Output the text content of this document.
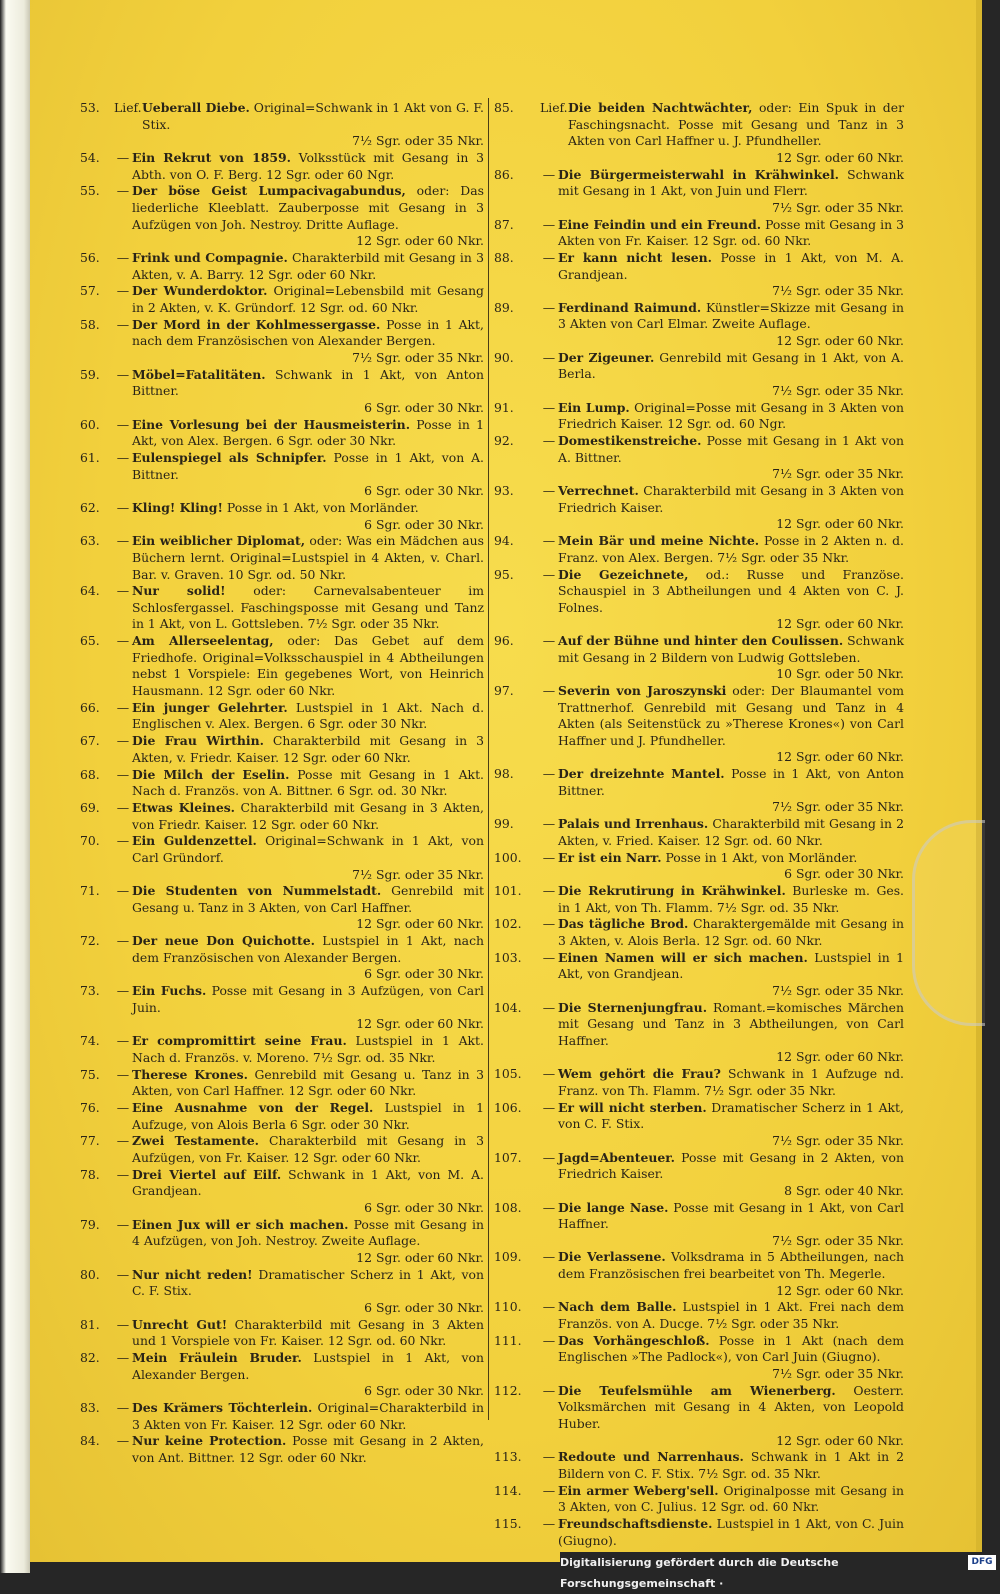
53.	Lief. Ueberall Diebe. Original=Schwank in 1 Akt von G. F. Stix.
7½ Sgr. oder 35 Nkr.
54.	— Ein Rekrut von 1859. Volksstück mit Gesang in 3 Abth. von O. F. Berg. 12 Sgr. oder 60 Ngr.
55.	— Der böse Geist Lumpacivagabundus, oder: Das liederliche Kleeblatt. Zauberposse mit Gesang in 3 Aufzügen von Joh. Nestroy. Dritte Auflage.
12 Sgr. oder 60 Nkr.
56.	— Frink und Compagnie. Charakterbild mit Gesang in 3 Akten, v. A. Barry. 12 Sgr. oder 60 Nkr.
57.	— Der Wunderdoktor. Original=Lebensbild mit Gesang in 2 Akten, v. K. Gründorf. 12 Sgr. od. 60 Nkr.
58.	— Der Mord in der Kohlmessergasse. Posse in 1 Akt, nach dem Französischen von Alexander Bergen.
7½ Sgr. oder 35 Nkr.
59.	— Möbel=Fatalitäten. Schwank in 1 Akt, von Anton Bittner.
6 Sgr. oder 30 Nkr.
60.	— Eine Vorlesung bei der Hausmeisterin. Posse in 1 Akt, von Alex. Bergen. 6 Sgr. oder 30 Nkr.
61.	— Eulenspiegel als Schnipfer. Posse in 1 Akt, von A. Bittner.
6 Sgr. oder 30 Nkr.
62.	— Kling! Kling! Posse in 1 Akt, von Morländer.
6 Sgr. oder 30 Nkr.
63.	— Ein weiblicher Diplomat, oder: Was ein Mädchen aus Büchern lernt. Original=Lustspiel in 4 Akten, v. Charl. Bar. v. Graven. 10 Sgr. od. 50 Nkr.
64.	— Nur solid! oder: Carnevalsabenteuer im Schlosfergassel. Faschingsposse mit Gesang und Tanz in 1 Akt, von L. Gottsleben. 7½ Sgr. oder 35 Nkr.
65.	— Am Allerseelentag, oder: Das Gebet auf dem Friedhofe. Original=Volksschauspiel in 4 Abtheilungen nebst 1 Vorspiele: Ein gegebenes Wort, von Heinrich Hausmann. 12 Sgr. oder 60 Nkr.
66.	— Ein junger Gelehrter. Lustspiel in 1 Akt. Nach d. Englischen v. Alex. Bergen. 6 Sgr. oder 30 Nkr.
67.	— Die Frau Wirthin. Charakterbild mit Gesang in 3 Akten, v. Friedr. Kaiser. 12 Sgr. oder 60 Nkr.
68.	— Die Milch der Eselin. Posse mit Gesang in 1 Akt. Nach d. Französ. von A. Bittner. 6 Sgr. od. 30 Nkr.
69.	— Etwas Kleines. Charakterbild mit Gesang in 3 Akten, von Friedr. Kaiser. 12 Sgr. oder 60 Nkr.
70.	— Ein Guldenzettel. Original=Schwank in 1 Akt, von Carl Gründorf.
7½ Sgr. oder 35 Nkr.
71.	— Die Studenten von Nummelstadt. Genrebild mit Gesang u. Tanz in 3 Akten, von Carl Haffner.
12 Sgr. oder 60 Nkr.
72.	— Der neue Don Quichotte. Lustspiel in 1 Akt, nach dem Französischen von Alexander Bergen.
6 Sgr. oder 30 Nkr.
73.	— Ein Fuchs. Posse mit Gesang in 3 Aufzügen, von Carl Juin.
12 Sgr. oder 60 Nkr.
74.	— Er compromittirt seine Frau. Lustspiel in 1 Akt. Nach d. Französ. v. Moreno. 7½ Sgr. od. 35 Nkr.
75.	— Therese Krones. Genrebild mit Gesang u. Tanz in 3 Akten, von Carl Haffner. 12 Sgr. oder 60 Nkr.
76.	— Eine Ausnahme von der Regel. Lustspiel in 1 Aufzuge, von Alois Berla 6 Sgr. oder 30 Nkr.
77.	— Zwei Testamente. Charakterbild mit Gesang in 3 Aufzügen, von Fr. Kaiser. 12 Sgr. oder 60 Nkr.
78.	— Drei Viertel auf Eilf. Schwank in 1 Akt, von M. A. Grandjean.
6 Sgr. oder 30 Nkr.
79.	— Einen Jux will er sich machen. Posse mit Gesang in 4 Aufzügen, von Joh. Nestroy. Zweite Auflage.
12 Sgr. oder 60 Nkr.
80.	— Nur nicht reden! Dramatischer Scherz in 1 Akt, von C. F. Stix.
6 Sgr. oder 30 Nkr.
81.	— Unrecht Gut! Charakterbild mit Gesang in 3 Akten und 1 Vorspiele von Fr. Kaiser. 12 Sgr. od. 60 Nkr.
82.	— Mein Fräulein Bruder. Lustspiel in 1 Akt, von Alexander Bergen.
6 Sgr. oder 30 Nkr.
83.	— Des Krämers Töchterlein. Original=Charakterbild in 3 Akten von Fr. Kaiser. 12 Sgr. oder 60 Nkr.
84.	— Nur keine Protection. Posse mit Gesang in 2 Akten, von Ant. Bittner. 12 Sgr. oder 60 Nkr.
85.	Lief. Die beiden Nachtwächter, oder: Ein Spuk in der Faschingsnacht. Posse mit Gesang und Tanz in 3 Akten von Carl Haffner u. J. Pfundheller.
12 Sgr. oder 60 Nkr.
86.	— Die Bürgermeisterwahl in Krähwinkel. Schwank mit Gesang in 1 Akt, von Juin und Flerr.
7½ Sgr. oder 35 Nkr.
87.	— Eine Feindin und ein Freund. Posse mit Gesang in 3 Akten von Fr. Kaiser. 12 Sgr. od. 60 Nkr.
88.	— Er kann nicht lesen. Posse in 1 Akt, von M. A. Grandjean.
7½ Sgr. oder 35 Nkr.
89.	— Ferdinand Raimund. Künstler=Skizze mit Gesang in 3 Akten von Carl Elmar. Zweite Auflage.
12 Sgr. oder 60 Nkr.
90.	— Der Zigeuner. Genrebild mit Gesang in 1 Akt, von A. Berla.
7½ Sgr. oder 35 Nkr.
91.	— Ein Lump. Original=Posse mit Gesang in 3 Akten von Friedrich Kaiser. 12 Sgr. od. 60 Ngr.
92.	— Domestikenstreiche. Posse mit Gesang in 1 Akt von A. Bittner.
7½ Sgr. oder 35 Nkr.
93.	— Verrechnet. Charakterbild mit Gesang in 3 Akten von Friedrich Kaiser.
12 Sgr. oder 60 Nkr.
94.	— Mein Bär und meine Nichte. Posse in 2 Akten n. d. Franz. von Alex. Bergen. 7½ Sgr. oder 35 Nkr.
95.	— Die Gezeichnete, od.: Russe und Französe. Schauspiel in 3 Abtheilungen und 4 Akten von C. J. Folnes.
12 Sgr. oder 60 Nkr.
96.	— Auf der Bühne und hinter den Coulissen. Schwank mit Gesang in 2 Bildern von Ludwig Gottsleben.
10 Sgr. oder 50 Nkr.
97.	— Severin von Jaroszynski oder: Der Blaumantel vom Trattnerhof. Genrebild mit Gesang und Tanz in 4 Akten (als Seitenstück zu »Therese Krones«) von Carl Haffner und J. Pfundheller.
12 Sgr. oder 60 Nkr.
98.	— Der dreizehnte Mantel. Posse in 1 Akt, von Anton Bittner.
7½ Sgr. oder 35 Nkr.
99.	— Palais und Irrenhaus. Charakterbild mit Gesang in 2 Akten, v. Fried. Kaiser. 12 Sgr. od. 60 Nkr.
100.	— Er ist ein Narr. Posse in 1 Akt, von Morländer.
6 Sgr. oder 30 Nkr.
101.	— Die Rekrutirung in Krähwinkel. Burleske m. Ges. in 1 Akt, von Th. Flamm. 7½ Sgr. od. 35 Nkr.
102.	— Das tägliche Brod. Charaktergemälde mit Gesang in 3 Akten, v. Alois Berla. 12 Sgr. od. 60 Nkr.
103.	— Einen Namen will er sich machen. Lustspiel in 1 Akt, von Grandjean.
7½ Sgr. oder 35 Nkr.
104.	— Die Sternenjungfrau. Romant.=komisches Märchen mit Gesang und Tanz in 3 Abtheilungen, von Carl Haffner.
12 Sgr. oder 60 Nkr.
105.	— Wem gehört die Frau? Schwank in 1 Aufzuge nd. Franz. von Th. Flamm. 7½ Sgr. oder 35 Nkr.
106.	— Er will nicht sterben. Dramatischer Scherz in 1 Akt, von C. F. Stix.
7½ Sgr. oder 35 Nkr.
107.	— Jagd=Abenteuer. Posse mit Gesang in 2 Akten, von Friedrich Kaiser.
8 Sgr. oder 40 Nkr.
108.	— Die lange Nase. Posse mit Gesang in 1 Akt, von Carl Haffner.
7½ Sgr. oder 35 Nkr.
109.	— Die Verlassene. Volksdrama in 5 Abtheilungen, nach dem Französischen frei bearbeitet von Th. Megerle.
12 Sgr. oder 60 Nkr.
110.	— Nach dem Balle. Lustspiel in 1 Akt. Frei nach dem Französ. von A. Ducge. 7½ Sgr. oder 35 Nkr.
111.	— Das Vorhängeschloß. Posse in 1 Akt (nach dem Englischen »The Padlock«), von Carl Juin (Giugno).
7½ Sgr. oder 35 Nkr.
112.	— Die Teufelsmühle am Wienerberg. Oesterr. Volksmärchen mit Gesang in 4 Akten, von Leopold Huber.
12 Sgr. oder 60 Nkr.
113.	— Redoute und Narrenhaus. Schwank in 1 Akt in 2 Bildern von C. F. Stix. 7½ Sgr. od. 35 Nkr.
114.	— Ein armer Weberg'sell. Originalposse mit Gesang in 3 Akten, von C. Julius. 12 Sgr. od. 60 Nkr.
115.	— Freundschaftsdienste. Lustspiel in 1 Akt, von C. Juin (Giugno).
Digitalisierung gefördert durch die Deutsche Forschungsgemeinschaft ·
DFG
